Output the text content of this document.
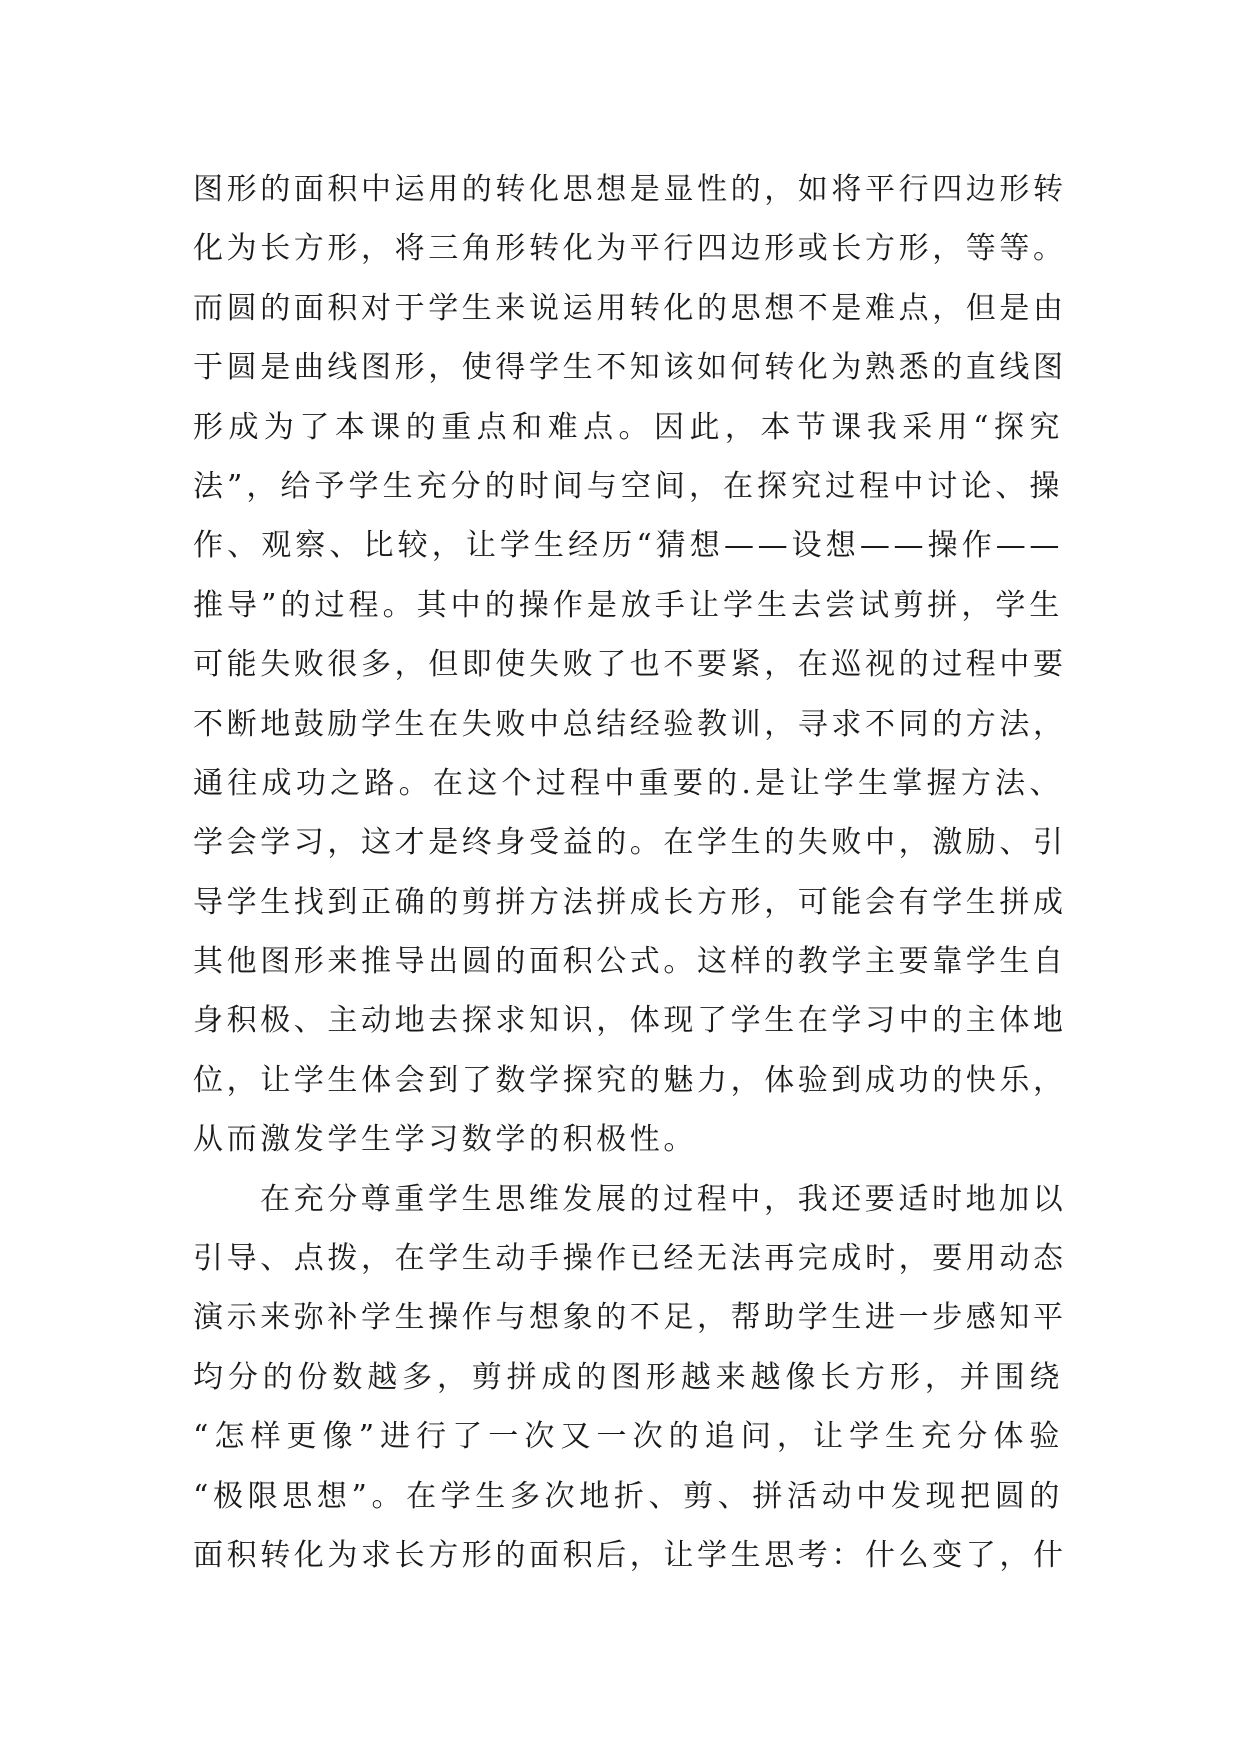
图形的面积中运用的转化思想是显性的，如将平行四边形转
化为长方形，将三角形转化为平行四边形或长方形，等等。
而圆的面积对于学生来说运用转化的思想不是难点，但是由
于圆是曲线图形，使得学生不知该如何转化为熟悉的直线图
形成为了本课的重点和难点。因此，本节课我采用“探究
法”，给予学生充分的时间与空间，在探究过程中讨论、操
作、观察、比较，让学生经历“猜想——设想——操作——
推导”的过程。其中的操作是放手让学生去尝试剪拼，学生
可能失败很多，但即使失败了也不要紧，在巡视的过程中要
不断地鼓励学生在失败中总结经验教训，寻求不同的方法，
通往成功之路。在这个过程中重要的.是让学生掌握方法、
学会学习，这才是终身受益的。在学生的失败中，激励、引
导学生找到正确的剪拼方法拼成长方形，可能会有学生拼成
其他图形来推导出圆的面积公式。这样的教学主要靠学生自
身积极、主动地去探求知识，体现了学生在学习中的主体地
位，让学生体会到了数学探究的魅力，体验到成功的快乐，
从而激发学生学习数学的积极性。
在充分尊重学生思维发展的过程中，我还要适时地加以
引导、点拨，在学生动手操作已经无法再完成时，要用动态
演示来弥补学生操作与想象的不足，帮助学生进一步感知平
均分的份数越多，剪拼成的图形越来越像长方形，并围绕
“怎样更像”进行了一次又一次的追问，让学生充分体验
“极限思想”。在学生多次地折、剪、拼活动中发现把圆的
面积转化为求长方形的面积后，让学生思考：什么变了，什
